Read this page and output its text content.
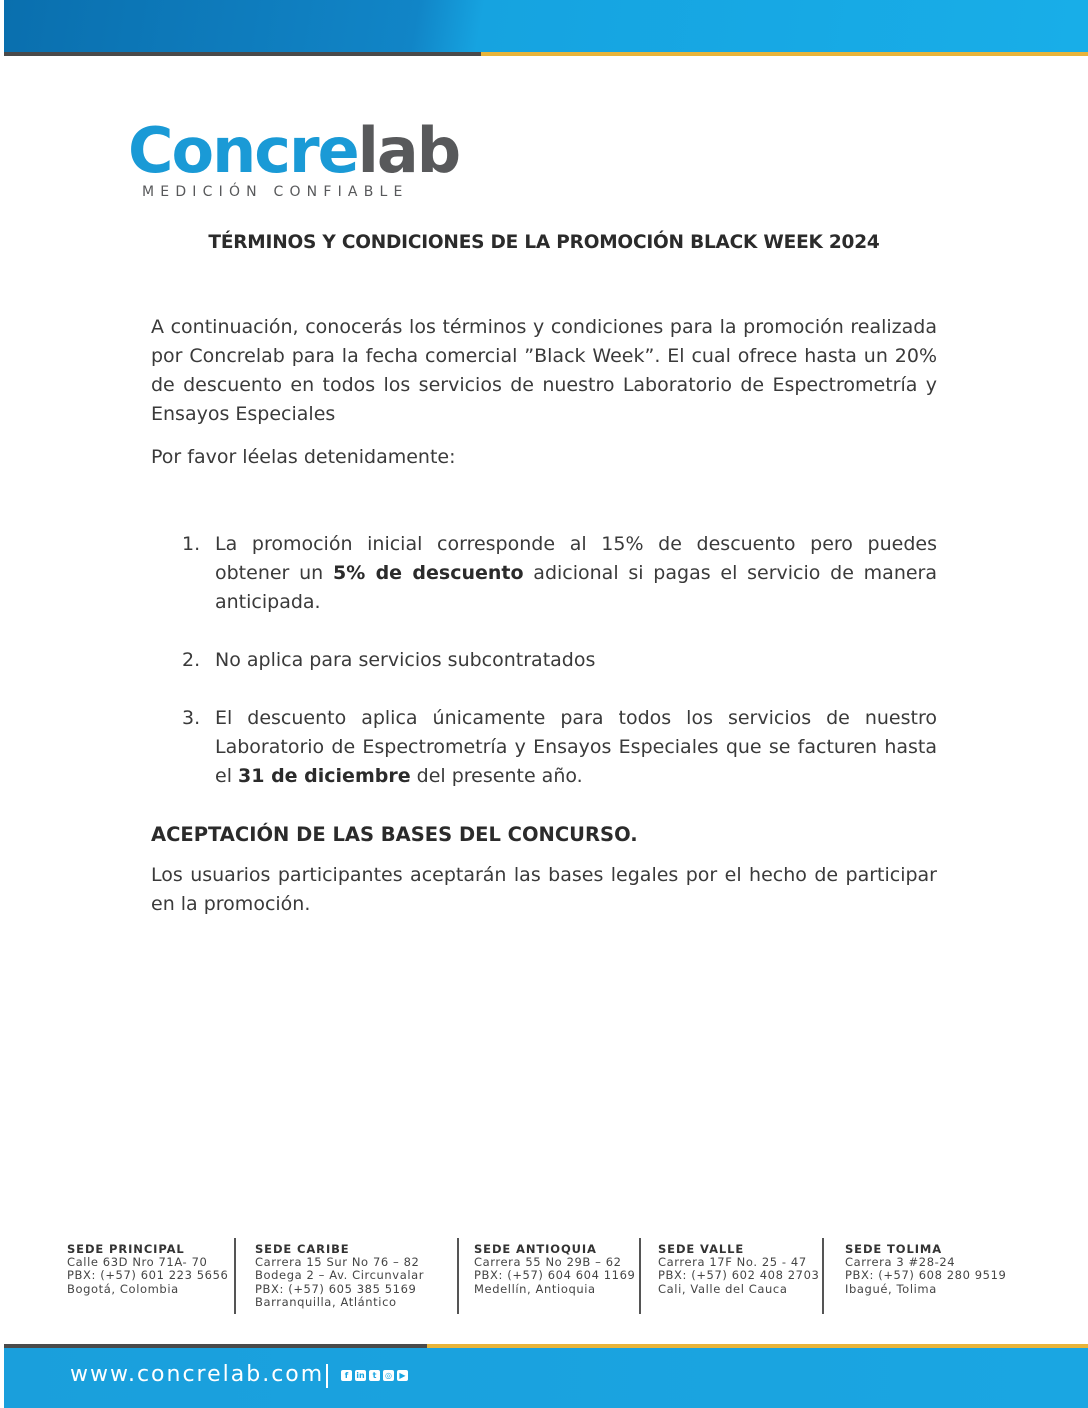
Concrelab
MEDICIÓN CONFIABLE
TÉRMINOS Y CONDICIONES DE LA PROMOCIÓN BLACK WEEK 2024

A continuación, conocerás los términos y condiciones para la promoción realizada por Concrelab para la fecha comercial ”Black Week”. El cual ofrece hasta un 20% de descuento en todos los servicios de nuestro Laboratorio de Espectrometría y Ensayos Especiales

Por favor léelas detenidamente:

1. La promoción inicial corresponde al 15% de descuento pero puedes obtener un 5% de descuento adicional si pagas el servicio de manera anticipada.
2. No aplica para servicios subcontratados
3. El descuento aplica únicamente para todos los servicios de nuestro Laboratorio de Espectrometría y Ensayos Especiales que se facturen hasta el 31 de diciembre del presente año.

ACEPTACIÓN DE LAS BASES DEL CONCURSO.

Los usuarios participantes aceptarán las bases legales por el hecho de participar en la promoción.

SEDE PRINCIPAL
Calle 63D Nro 71A- 70
PBX: (+57) 601 223 5656
Bogotá, Colombia
SEDE CARIBE
Carrera 15 Sur No 76 – 82
Bodega 2 – Av. Circunvalar
PBX: (+57) 605 385 5169
Barranquilla, Atlántico
SEDE ANTIOQUIA
Carrera 55 No 29B – 62
PBX: (+57) 604 604 1169
Medellín, Antioquia
SEDE VALLE
Carrera 17F No. 25 - 47
PBX: (+57) 602 408 2703
Cali, Valle del Cauca
SEDE TOLIMA
Carrera 3 #28-24
PBX: (+57) 608 280 9519
Ibagué, Tolima
www.concrelab.com	f	in t	◎ ▶
